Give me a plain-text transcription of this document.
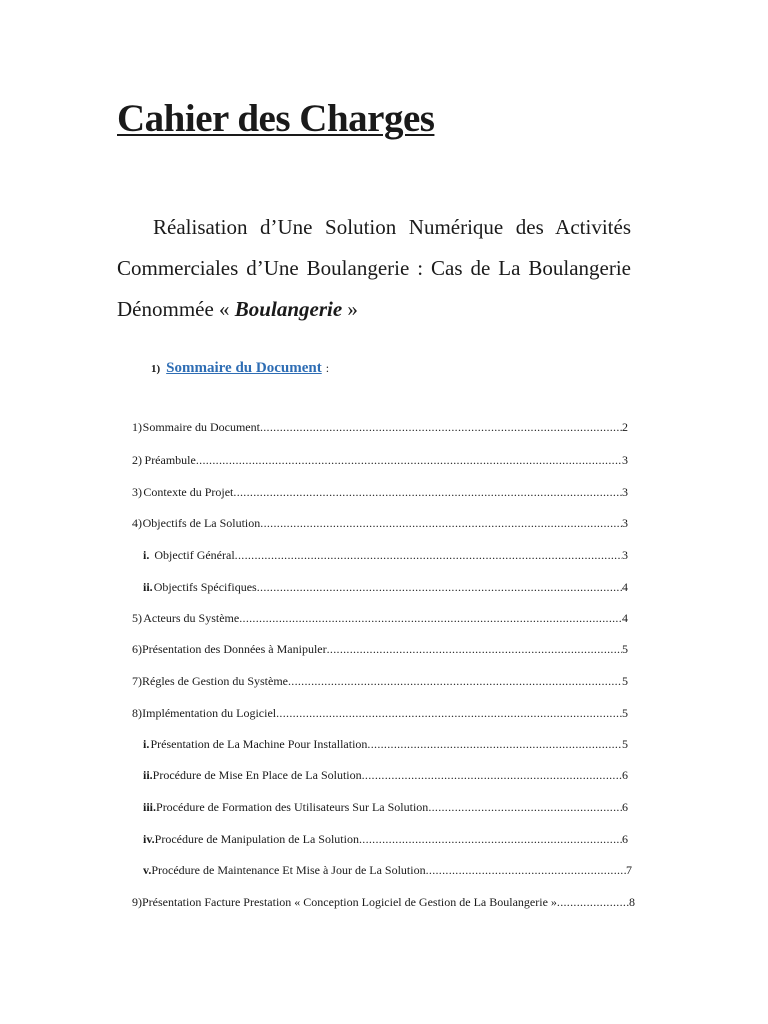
Cahier des Charges

Réalisation d’Une Solution Numérique des Activités Commerciales d’Une Boulangerie : Cas de La Boulangerie Dénommée « Boulangerie »

1) Sommaire du Document :
1) Sommaire du Document .....	2
2) Préambule .....	3
3) Contexte du Projet .....	3
4) Objectifs de La Solution .....	3
i. Objectif Général .....	3
ii. Objectifs Spécifiques .....	4
5) Acteurs du Système .....	4
6) Présentation des Données à Manipuler .....	5
7) Régles de Gestion du Système .....	5
8) Implémentation du Logiciel .....	5
i. Présentation de La Machine Pour Installation .....	5
ii. Procédure de Mise En Place de La Solution .....	6
iii. Procédure de Formation des Utilisateurs Sur La Solution .....	6
iv. Procédure de Manipulation de La Solution .....	6
v. Procédure de Maintenance Et Mise à Jour de La Solution .....	7
9) Présentation Facture Prestation « Conception Logiciel de Gestion de La Boulangerie » .....	8
